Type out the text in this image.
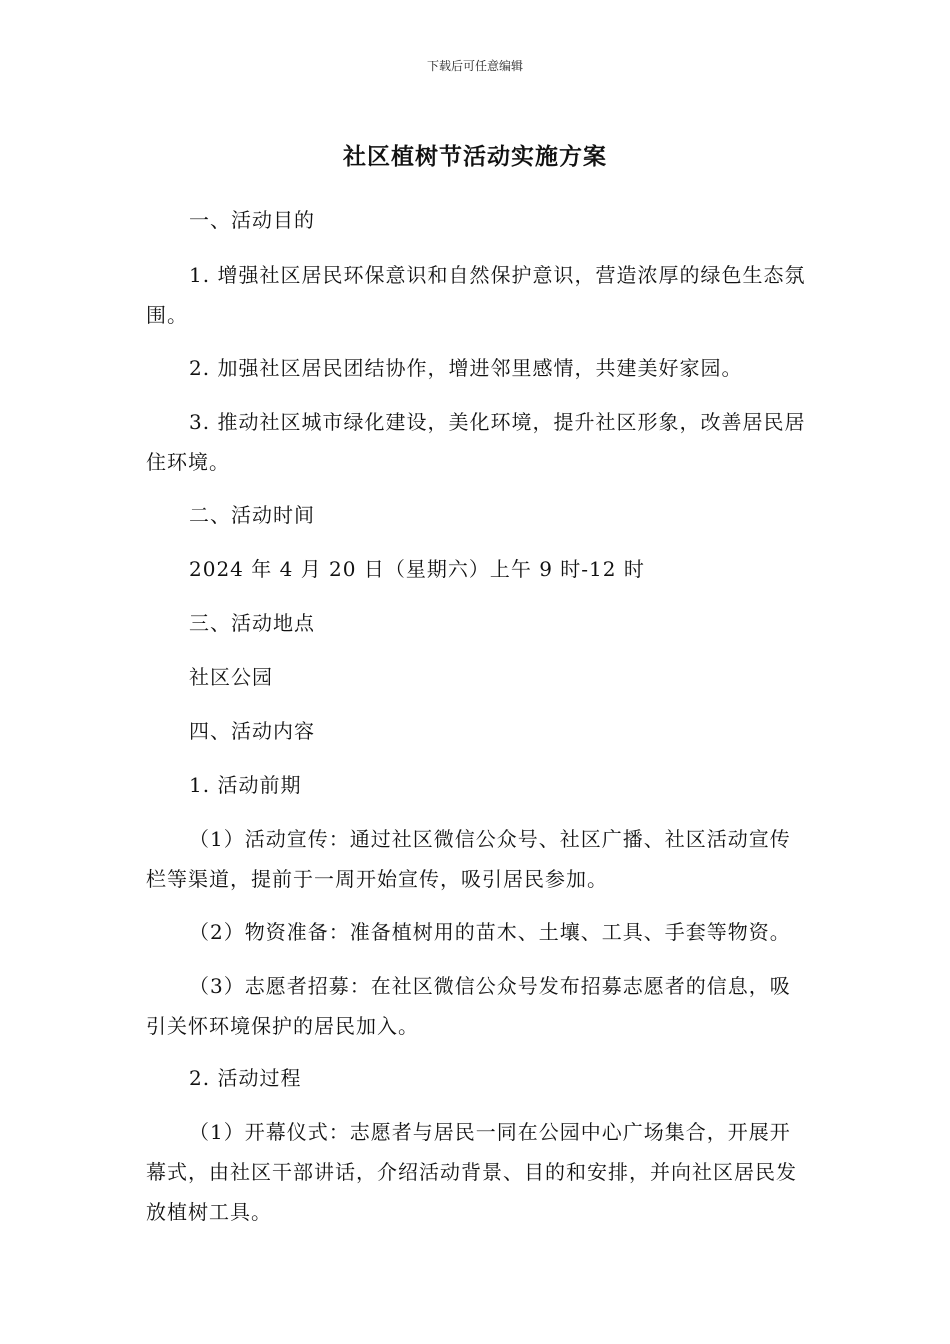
下载后可任意编辑
社区植树节活动实施方案

一、活动目的

1. 增强社区居民环保意识和自然保护意识，营造浓厚的绿色生态氛围。

2. 加强社区居民团结协作，增进邻里感情，共建美好家园。

3. 推动社区城市绿化建设，美化环境，提升社区形象，改善居民居住环境。

二、活动时间

2024 年 4 月 20 日（星期六）上午 9 时-12 时

三、活动地点

社区公园

四、活动内容

1. 活动前期

（1）活动宣传：通过社区微信公众号、社区广播、社区活动宣传栏等渠道，提前于一周开始宣传，吸引居民参加。

（2）物资准备：准备植树用的苗木、土壤、工具、手套等物资。

（3）志愿者招募：在社区微信公众号发布招募志愿者的信息，吸引关怀环境保护的居民加入。

2. 活动过程

（1）开幕仪式：志愿者与居民一同在公园中心广场集合，开展开幕式，由社区干部讲话，介绍活动背景、目的和安排，并向社区居民发放植树工具。
